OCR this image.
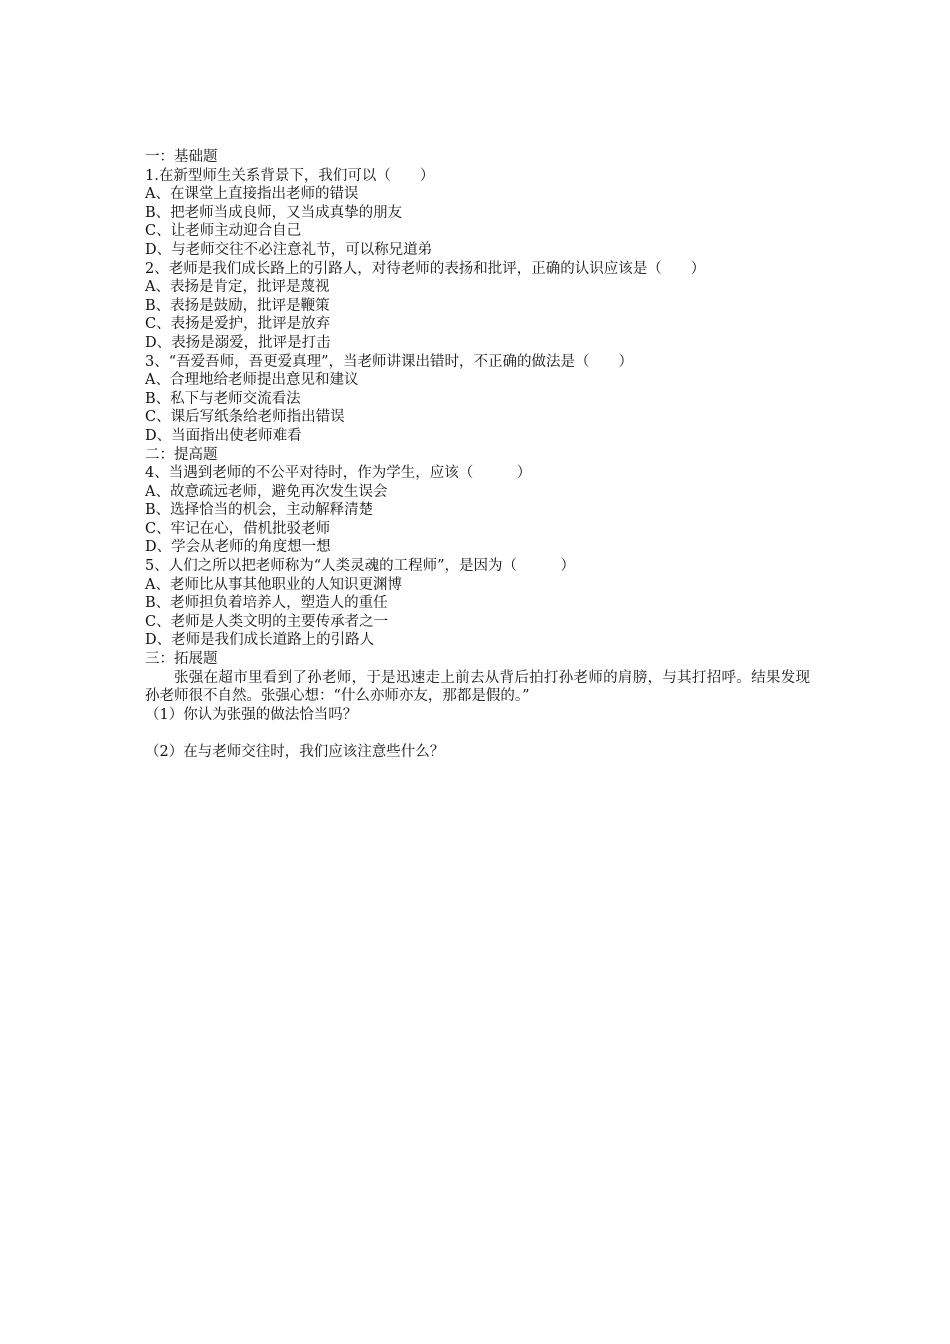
一：基础题
1.在新型师生关系背景下，我们可以（　　）
A、在课堂上直接指出老师的错误
B、把老师当成良师，又当成真挚的朋友
C、让老师主动迎合自己
D、与老师交往不必注意礼节，可以称兄道弟
2、老师是我们成长路上的引路人，对待老师的表扬和批评，正确的认识应该是（　　）
A、表扬是肯定，批评是蔑视
B、表扬是鼓励，批评是鞭策
C、表扬是爱护，批评是放弃
D、表扬是溺爱，批评是打击
3、“吾爱吾师，吾更爱真理”，当老师讲课出错时，不正确的做法是（　　）
A、合理地给老师提出意见和建议
B、私下与老师交流看法
C、课后写纸条给老师指出错误
D、当面指出使老师难看
二：提高题
4、当遇到老师的不公平对待时，作为学生，应该（　　　）
A、故意疏远老师，避免再次发生误会
B、选择恰当的机会，主动解释清楚
C、牢记在心，借机批驳老师
D、学会从老师的角度想一想
5、人们之所以把老师称为“人类灵魂的工程师”，是因为（　　　）
A、老师比从事其他职业的人知识更渊博
B、老师担负着培养人，塑造人的重任
C、老师是人类文明的主要传承者之一
D、老师是我们成长道路上的引路人
三：拓展题
张强在超市里看到了孙老师，于是迅速走上前去从背后拍打孙老师的肩膀，与其打招呼。结果发现孙老师很不自然。张强心想：“什么亦师亦友，那都是假的。”
（1）你认为张强的做法恰当吗？
（2）在与老师交往时，我们应该注意些什么？
